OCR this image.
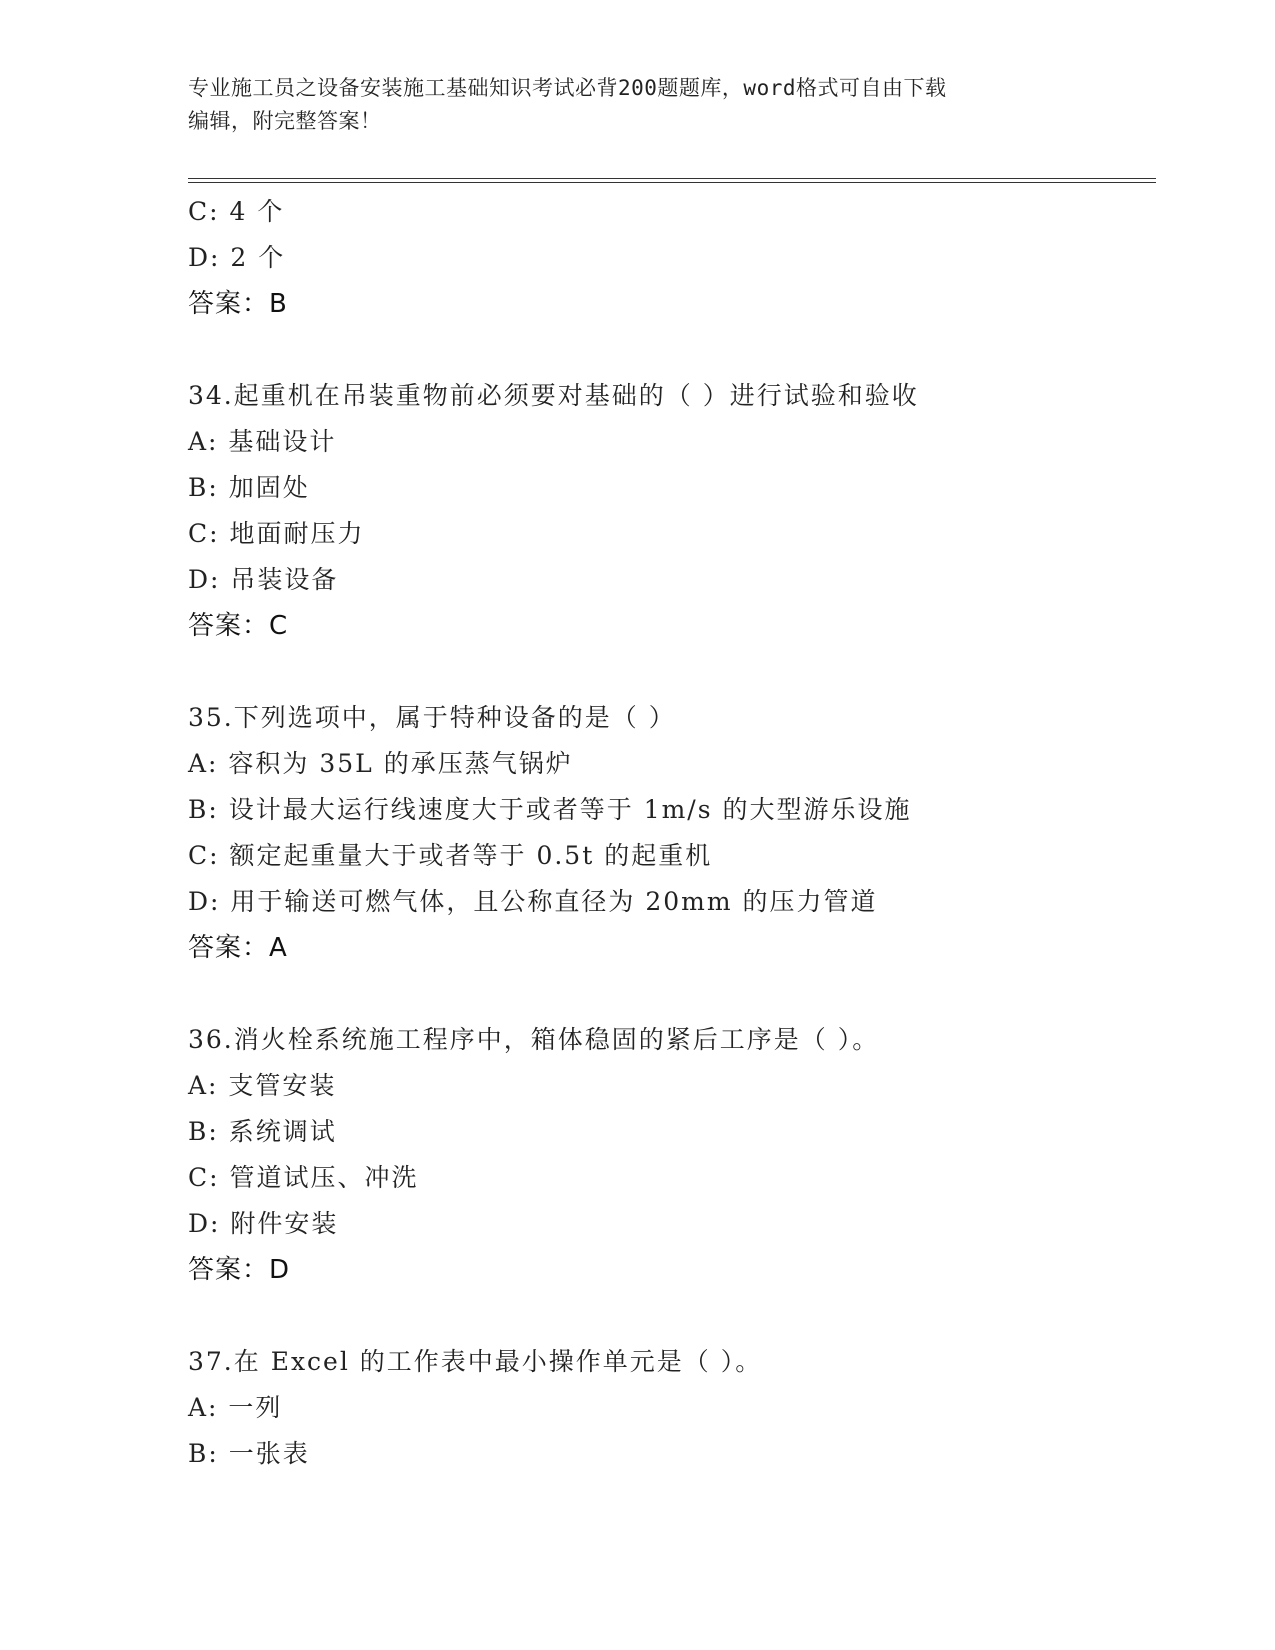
专业施工员之设备安装施工基础知识考试必背200题题库，word格式可自由下载
编辑，附完整答案！
C: 4 个
D: 2 个
答案：B
34.起重机在吊装重物前必须要对基础的（ ）进行试验和验收
A: 基础设计
B: 加固处
C: 地面耐压力
D: 吊装设备
答案：C
35.下列选项中，属于特种设备的是（ ）
A: 容积为 35L 的承压蒸气锅炉
B: 设计最大运行线速度大于或者等于 1m/s 的大型游乐设施
C: 额定起重量大于或者等于 0.5t 的起重机
D: 用于输送可燃气体，且公称直径为 20mm 的压力管道
答案：A
36.消火栓系统施工程序中，箱体稳固的紧后工序是（ ）。
A: 支管安装
B: 系统调试
C: 管道试压、冲洗
D: 附件安装
答案：D
37.在 Excel 的工作表中最小操作单元是（ ）。
A: 一列
B: 一张表
